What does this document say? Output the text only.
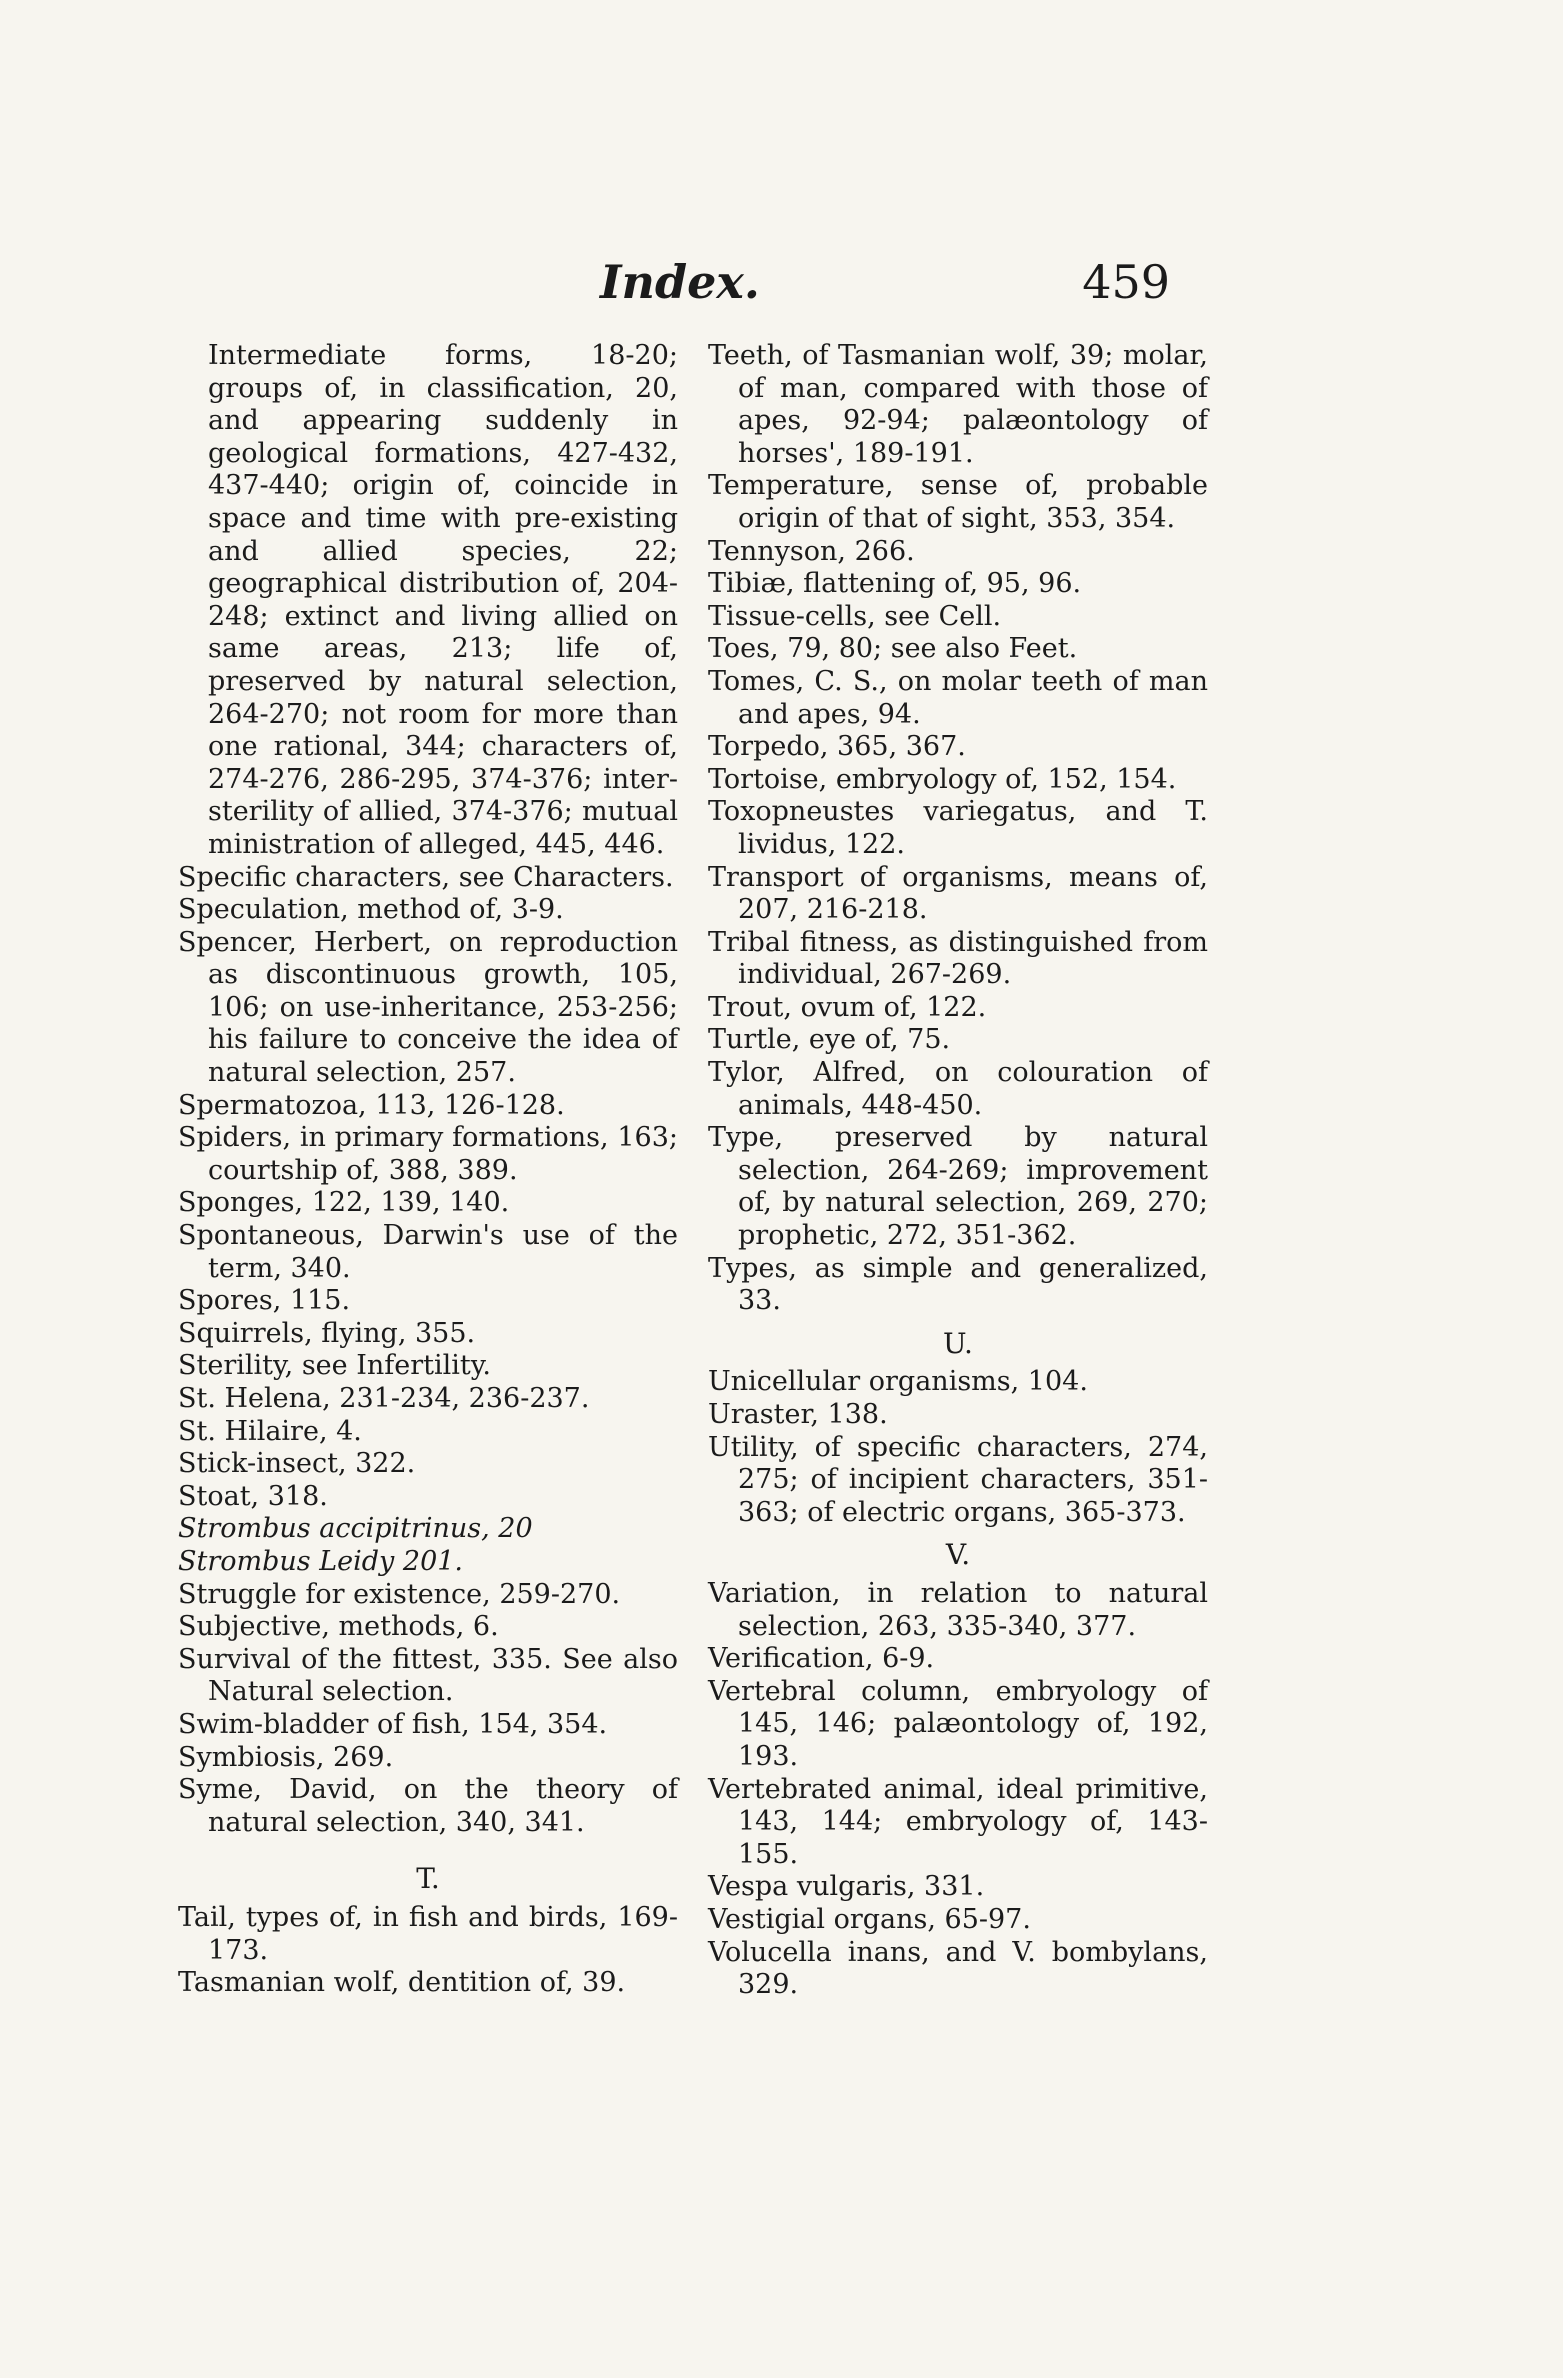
Index.	459

Intermediate forms, 18-20; groups of, in classification, 20, and appearing suddenly in geological formations, 427-432, 437-440; origin of, coincide in space and time with pre-existing and allied species, 22; geographical distribution of, 204-248; extinct and living allied on same areas, 213; life of, preserved by natural selection, 264-270; not room for more than one rational, 344; characters of, 274-276, 286-295, 374-376; inter-sterility of allied, 374-376; mutual ministration of alleged, 445, 446.

Specific characters, see Characters.

Speculation, method of, 3-9.

Spencer, Herbert, on reproduction as discontinuous growth, 105, 106; on use-inheritance, 253-256; his failure to conceive the idea of natural selection, 257.

Spermatozoa, 113, 126-128.

Spiders, in primary formations, 163; courtship of, 388, 389.

Sponges, 122, 139, 140.

Spontaneous, Darwin's use of the term, 340.

Spores, 115.

Squirrels, flying, 355.

Sterility, see Infertility.

St. Helena, 231-234, 236-237.

St. Hilaire, 4.

Stick-insect, 322.

Stoat, 318.

Strombus accipitrinus, 20

Strombus Leidy 201.

Struggle for existence, 259-270.

Subjective, methods, 6.

Survival of the fittest, 335. See also Natural selection.

Swim-bladder of fish, 154, 354.

Symbiosis, 269.

Syme, David, on the theory of natural selection, 340, 341.

T.

Tail, types of, in fish and birds, 169-173.

Tasmanian wolf, dentition of, 39.

Teeth, of Tasmanian wolf, 39; molar, of man, compared with those of apes, 92-94; palæontology of horses', 189-191.

Temperature, sense of, probable origin of that of sight, 353, 354.

Tennyson, 266.

Tibiæ, flattening of, 95, 96.

Tissue-cells, see Cell.

Toes, 79, 80; see also Feet.

Tomes, C. S., on molar teeth of man and apes, 94.

Torpedo, 365, 367.

Tortoise, embryology of, 152, 154.

Toxopneustes variegatus, and T. lividus, 122.

Transport of organisms, means of, 207, 216-218.

Tribal fitness, as distinguished from individual, 267-269.

Trout, ovum of, 122.

Turtle, eye of, 75.

Tylor, Alfred, on colouration of animals, 448-450.

Type, preserved by natural selection, 264-269; improvement of, by natural selection, 269, 270; prophetic, 272, 351-362.

Types, as simple and generalized, 33.

U.

Unicellular organisms, 104.

Uraster, 138.

Utility, of specific characters, 274, 275; of incipient characters, 351-363; of electric organs, 365-373.

V.

Variation, in relation to natural selection, 263, 335-340, 377.

Verification, 6-9.

Vertebral column, embryology of 145, 146; palæontology of, 192, 193.

Vertebrated animal, ideal primitive, 143, 144; embryology of, 143-155.

Vespa vulgaris, 331.

Vestigial organs, 65-97.

Volucella inans, and V. bombylans, 329.
